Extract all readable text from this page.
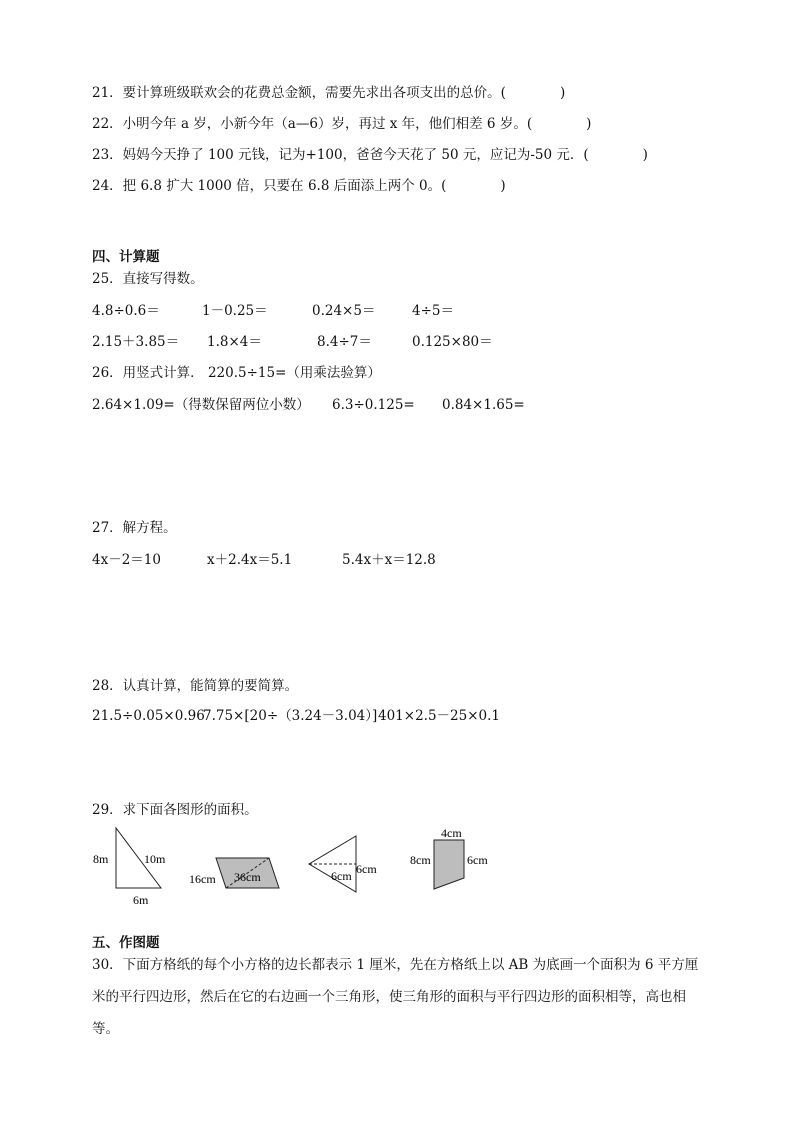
21．要计算班级联欢会的花费总金额，需要先求出各项支出的总价。(　　　　)
22．小明今年 a 岁，小新今年（a—6）岁，再过 x 年，他们相差 6 岁。(　　　　)
23．妈妈今天挣了 100 元钱，记为+100，爸爸今天花了 50 元，应记为-50 元．(　　　　)
24．把 6.8 扩大 1000 倍，只要在 6.8 后面添上两个 0。(　　　　)
四、计算题
25．直接写得数。
4.8÷0.6＝	1－0.25＝	0.24×5＝	4÷5＝
2.15＋3.85＝ 1.8×4＝	8.4÷7＝	0.125×80＝
26．用竖式计算． 220.5÷15=（用乘法验算）
2.64×1.09=（得数保留两位小数） 6.3÷0.125= 0.84×1.65=
27．解方程。
4x－2＝10	x＋2.4x＝5.1	5.4x＋x＝12.8
28．认真计算，能简算的要简算。
21.5÷0.05×0.96
7.75×[20÷（3.24－3.04）] 401×2.5－25×0.1
29．求下面各图形的面积。
8m	10m
6m
16cm 36cm
6cm
6cm
4cm
8cm	6cm
五、作图题
30．下面方格纸的每个小方格的边长都表示 1 厘米，先在方格纸上以 AB 为底画一个面积为 6 平方厘米的平行四边形，然后在它的右边画一个三角形，使三角形的面积与平行四边形的面积相等，高也相等。
